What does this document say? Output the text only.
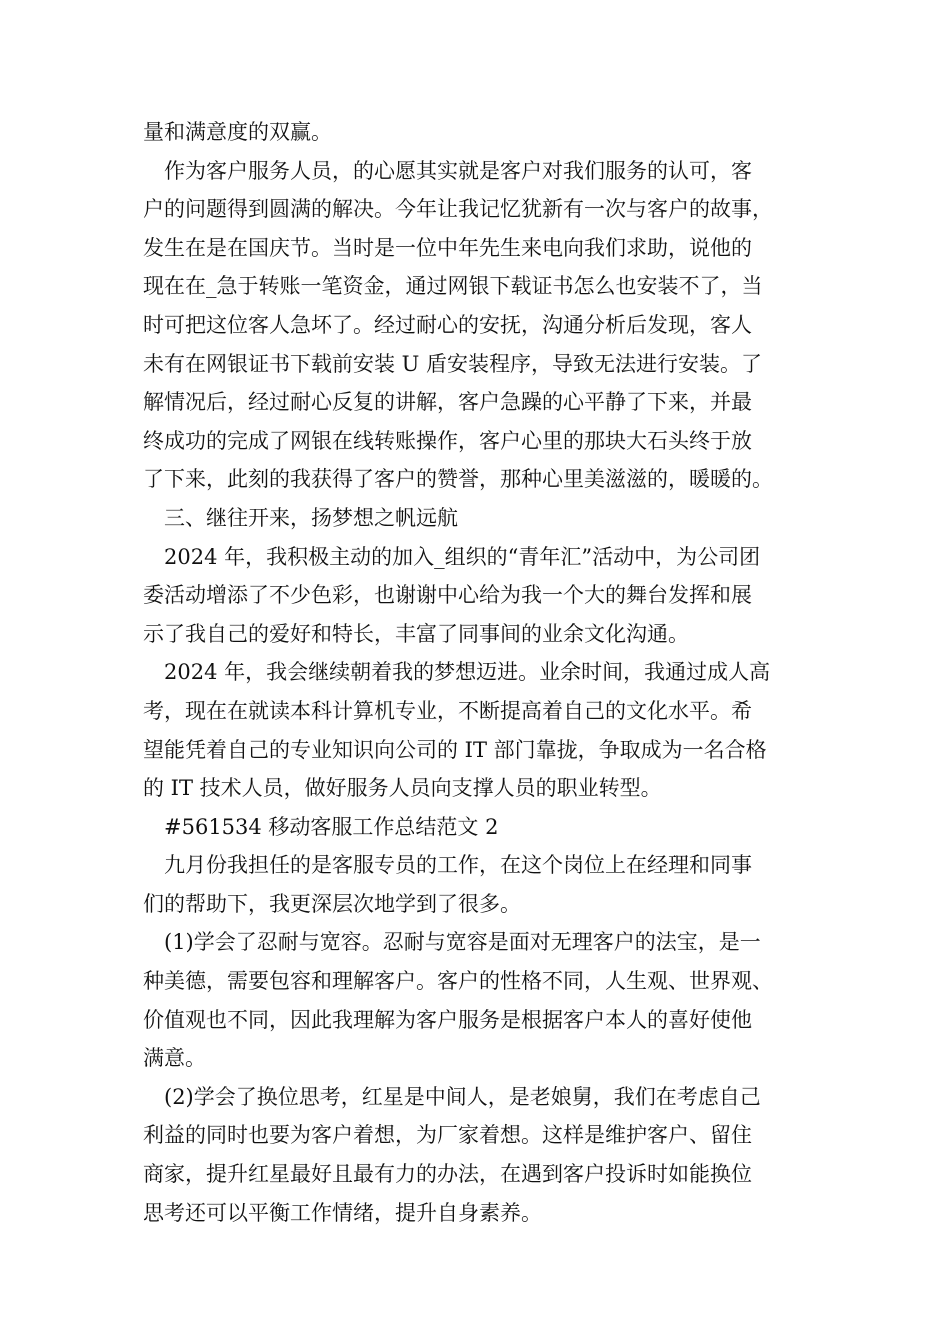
量和满意度的双赢。
　作为客户服务人员，的心愿其实就是客户对我们服务的认可，客
户的问题得到圆满的解决。今年让我记忆犹新有一次与客户的故事，
发生在是在国庆节。当时是一位中年先生来电向我们求助，说他的
现在在_急于转账一笔资金，通过网银下载证书怎么也安装不了，当
时可把这位客人急坏了。经过耐心的安抚，沟通分析后发现，客人
未有在网银证书下载前安装 U 盾安装程序，导致无法进行安装。了
解情况后，经过耐心反复的讲解，客户急躁的心平静了下来，并最
终成功的完成了网银在线转账操作，客户心里的那块大石头终于放
了下来，此刻的我获得了客户的赞誉，那种心里美滋滋的，暖暖的。
　三、继往开来，扬梦想之帆远航
　2024 年，我积极主动的加入_组织的“青年汇”活动中，为公司团
委活动增添了不少色彩，也谢谢中心给为我一个大的舞台发挥和展
示了我自己的爱好和特长，丰富了同事间的业余文化沟通。
　2024 年，我会继续朝着我的梦想迈进。业余时间，我通过成人高
考，现在在就读本科计算机专业，不断提高着自己的文化水平。希
望能凭着自己的专业知识向公司的 IT 部门靠拢，争取成为一名合格
的 IT 技术人员，做好服务人员向支撑人员的职业转型。
　#561534 移动客服工作总结范文 2
　九月份我担任的是客服专员的工作，在这个岗位上在经理和同事
们的帮助下，我更深层次地学到了很多。
　(1)学会了忍耐与宽容。忍耐与宽容是面对无理客户的法宝，是一
种美德，需要包容和理解客户。客户的性格不同，人生观、世界观、
价值观也不同，因此我理解为客户服务是根据客户本人的喜好使他
满意。
　(2)学会了换位思考，红星是中间人，是老娘舅，我们在考虑自己
利益的同时也要为客户着想，为厂家着想。这样是维护客户、留住
商家，提升红星最好且最有力的办法，在遇到客户投诉时如能换位
思考还可以平衡工作情绪，提升自身素养。
